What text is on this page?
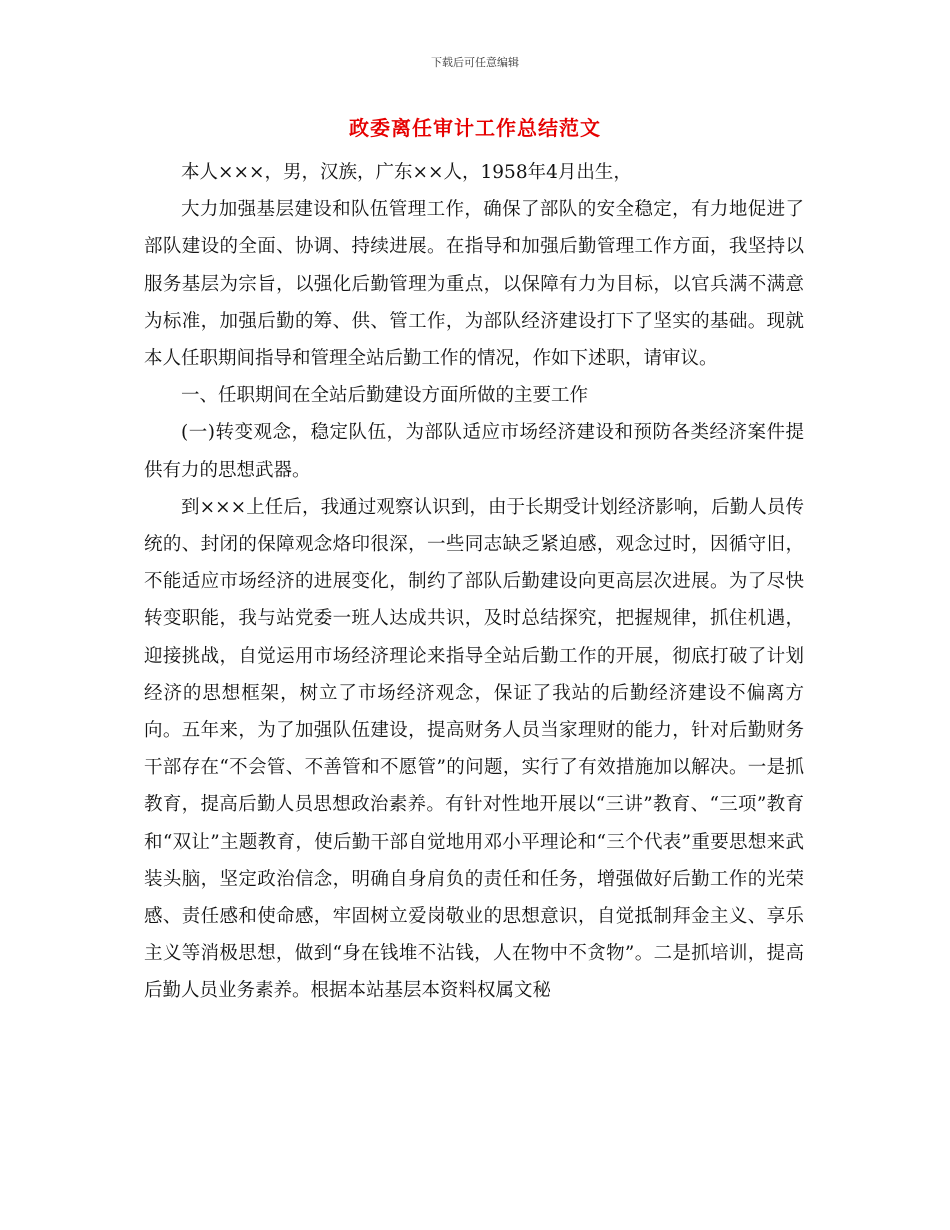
下载后可任意编辑
政委离任审计工作总结范文

本人×××，男，汉族，广东××人，1958年4月出生，

大力加强基层建设和队伍管理工作，确保了部队的安全稳定，有力地促进了部队建设的全面、协调、持续进展。在指导和加强后勤管理工作方面，我坚持以服务基层为宗旨，以强化后勤管理为重点，以保障有力为目标，以官兵满不满意为标准，加强后勤的筹、供、管工作，为部队经济建设打下了坚实的基础。现就本人任职期间指导和管理全站后勤工作的情况，作如下述职，请审议。

一、任职期间在全站后勤建设方面所做的主要工作

(一)转变观念，稳定队伍，为部队适应市场经济建设和预防各类经济案件提供有力的思想武器。

到×××上任后，我通过观察认识到，由于长期受计划经济影响，后勤人员传统的、封闭的保障观念烙印很深，一些同志缺乏紧迫感，观念过时，因循守旧，不能适应市场经济的进展变化，制约了部队后勤建设向更高层次进展。为了尽快转变职能，我与站党委一班人达成共识，及时总结探究，把握规律，抓住机遇，迎接挑战，自觉运用市场经济理论来指导全站后勤工作的开展，彻底打破了计划经济的思想框架，树立了市场经济观念，保证了我站的后勤经济建设不偏离方向。五年来，为了加强队伍建设，提高财务人员当家理财的能力，针对后勤财务干部存在“不会管、不善管和不愿管”的问题，实行了有效措施加以解决。一是抓教育，提高后勤人员思想政治素养。有针对性地开展以“三讲”教育、“三项”教育和“双让”主题教育，使后勤干部自觉地用邓小平理论和“三个代表”重要思想来武装头脑，坚定政治信念，明确自身肩负的责任和任务，增强做好后勤工作的光荣感、责任感和使命感，牢固树立爱岗敬业的思想意识，自觉抵制拜金主义、享乐主义等消极思想，做到“身在钱堆不沾钱，人在物中不贪物”。二是抓培训，提高后勤人员业务素养。根据本站基层本资料权属文秘
